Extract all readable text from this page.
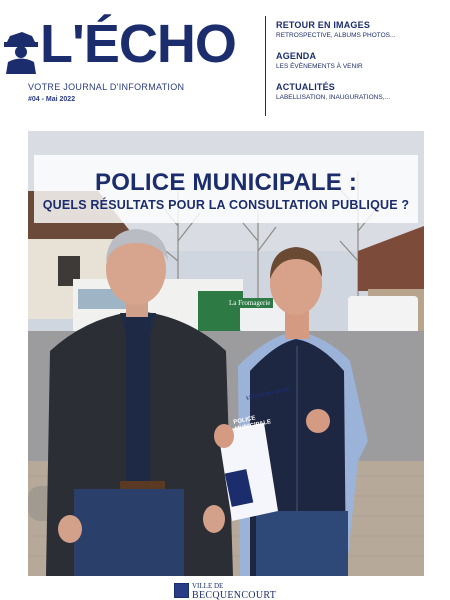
L'ÉCHO
VOTRE JOURNAL D'INFORMATION
#04 - Mai 2022
RETOUR EN IMAGES
RETROSPECTIVE, ALBUMS PHOTOS...
AGENDA
LES ÉVÈNEMENTS À VENIR
ACTUALITÉS
LABELLISATION, INAUGURATIONS,...
POLICE MUNICIPALE :
QUELS RÉSULTATS POUR LA CONSULTATION PUBLIQUE ?
La Fromagerie
L'ÉCHO DU MAIRE
POLICE
MUNICIPALE
VILLE DE
BECQUENCOURT
